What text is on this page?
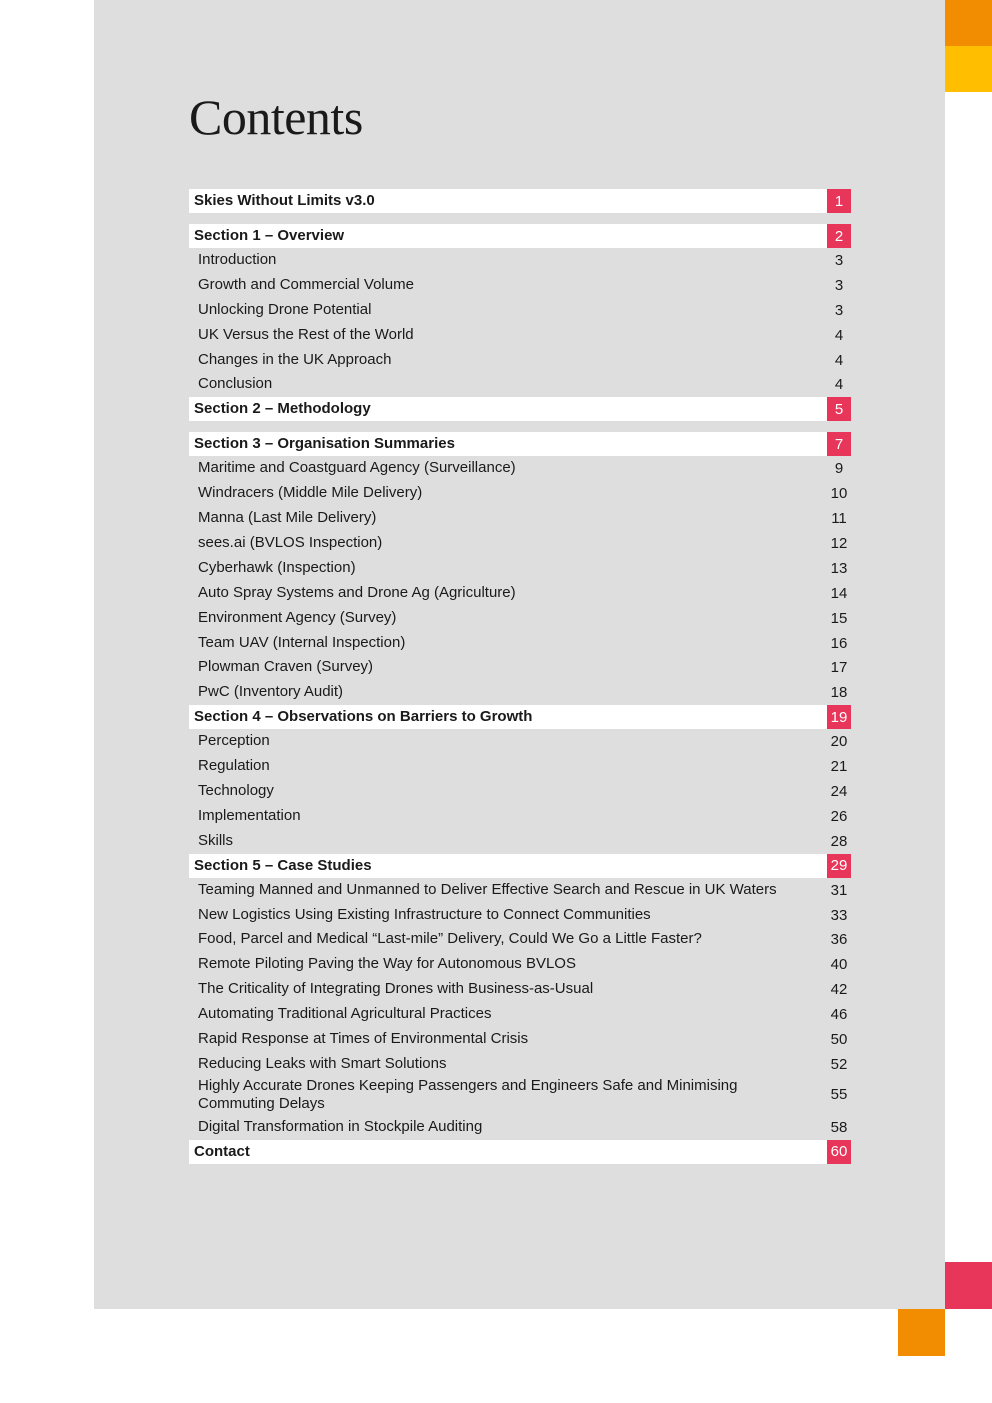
Contents
Skies Without Limits v3.0	1
Section 1 – Overview	2
Introduction	3
Growth and Commercial Volume	3
Unlocking Drone Potential	3
UK Versus the Rest of the World	4
Changes in the UK Approach	4
Conclusion	4
Section 2 – Methodology	5
Section 3 – Organisation Summaries	7
Maritime and Coastguard Agency (Surveillance)	9
Windracers (Middle Mile Delivery)	10
Manna (Last Mile Delivery)	11
sees.ai (BVLOS Inspection)	12
Cyberhawk (Inspection)	13
Auto Spray Systems and Drone Ag (Agriculture)	14
Environment Agency (Survey)	15
Team UAV (Internal Inspection)	16
Plowman Craven (Survey)	17
PwC (Inventory Audit)	18
Section 4 – Observations on Barriers to Growth	19
Perception	20
Regulation	21
Technology	24
Implementation	26
Skills	28
Section 5 – Case Studies	29
Teaming Manned and Unmanned to Deliver Effective Search and Rescue in UK Waters	31
New Logistics Using Existing Infrastructure to Connect Communities	33
Food, Parcel and Medical “Last-mile” Delivery, Could We Go a Little Faster?	36
Remote Piloting Paving the Way for Autonomous BVLOS	40
The Criticality of Integrating Drones with Business-as-Usual	42
Automating Traditional Agricultural Practices	46
Rapid Response at Times of Environmental Crisis	50
Reducing Leaks with Smart Solutions	52
Highly Accurate Drones Keeping Passengers and Engineers Safe and Minimising Commuting Delays	55
Digital Transformation in Stockpile Auditing	58
Contact	60
